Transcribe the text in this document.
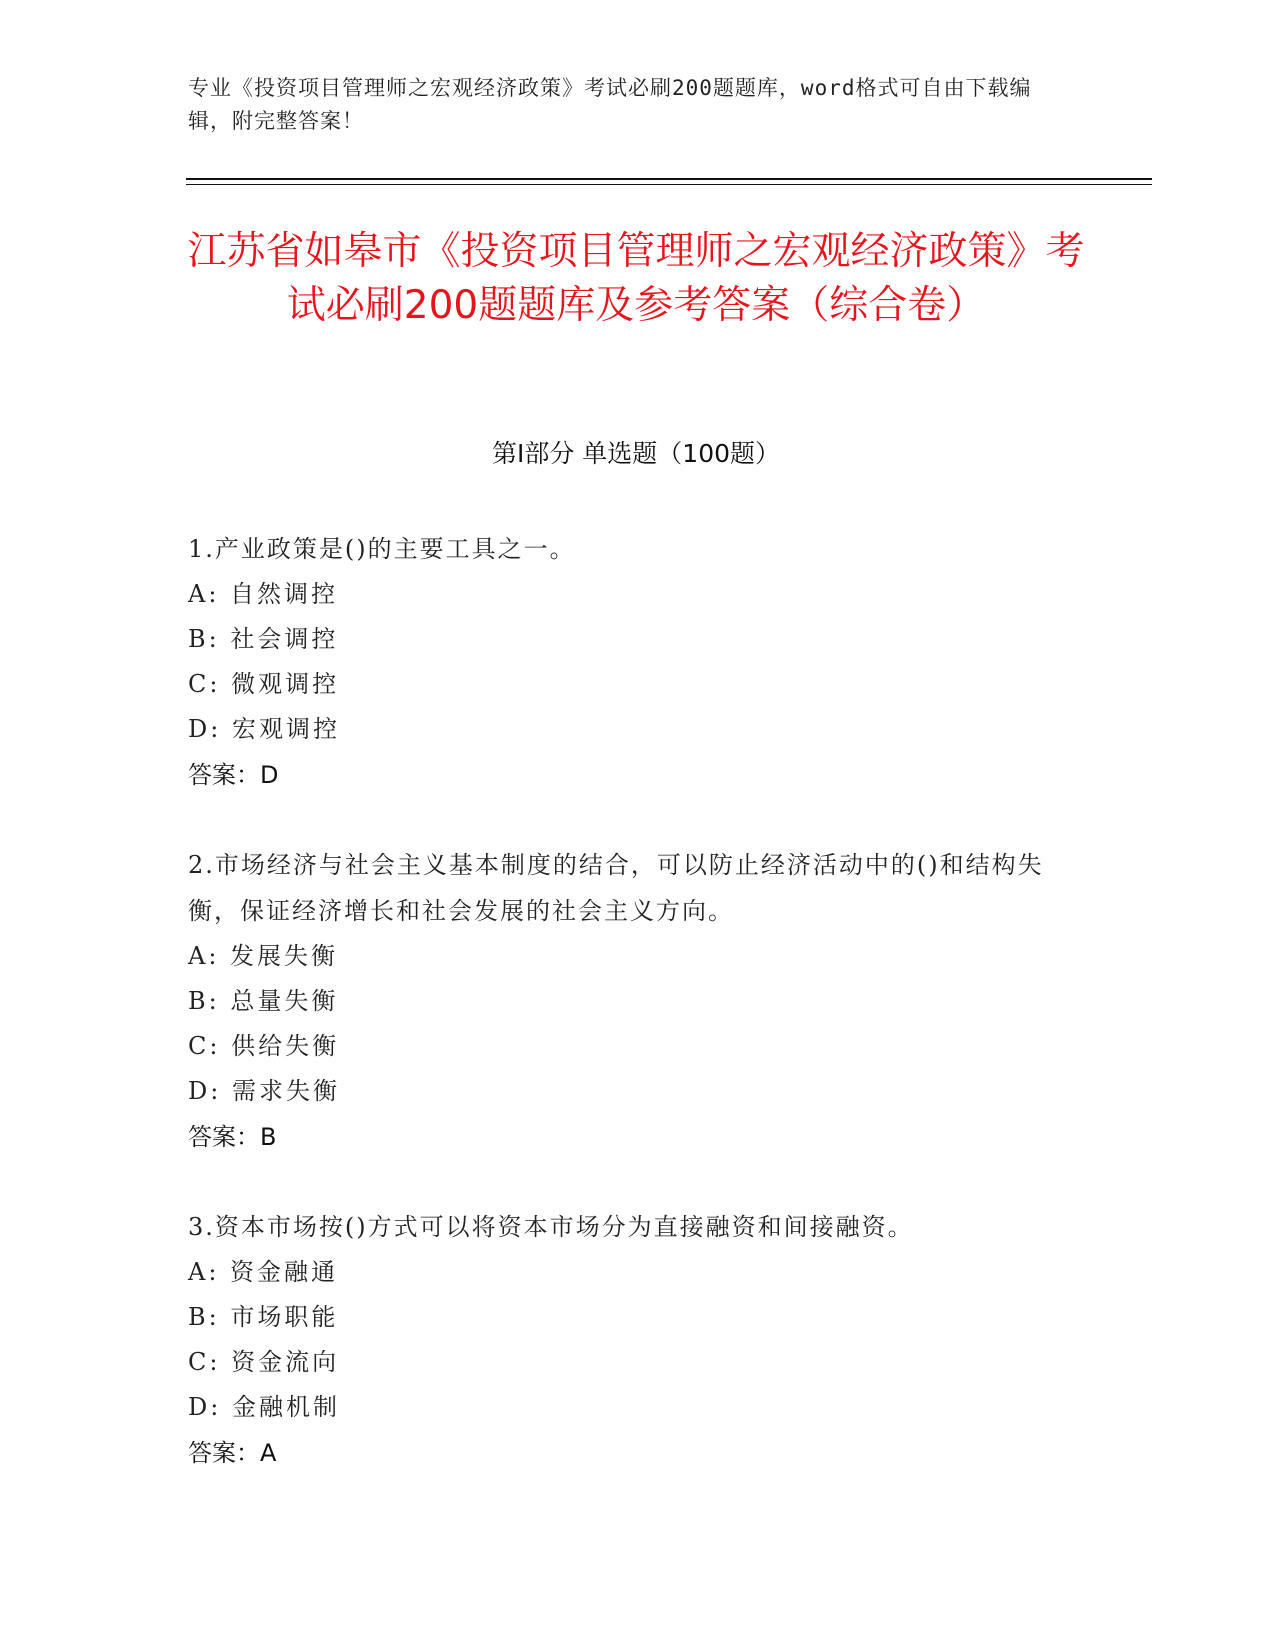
专业《投资项目管理师之宏观经济政策》考试必刷200题题库，word格式可自由下载编辑，附完整答案！
江苏省如皋市《投资项目管理师之宏观经济政策》考试必刷200题题库及参考答案（综合卷）
第Ⅰ部分 单选题（100题）
1.产业政策是()的主要工具之一。
A: 自然调控
B: 社会调控
C: 微观调控
D: 宏观调控
答案：D
2.市场经济与社会主义基本制度的结合，可以防止经济活动中的()和结构失衡，保证经济增长和社会发展的社会主义方向。
A: 发展失衡
B: 总量失衡
C: 供给失衡
D: 需求失衡
答案：B
3.资本市场按()方式可以将资本市场分为直接融资和间接融资。
A: 资金融通
B: 市场职能
C: 资金流向
D: 金融机制
答案：A
